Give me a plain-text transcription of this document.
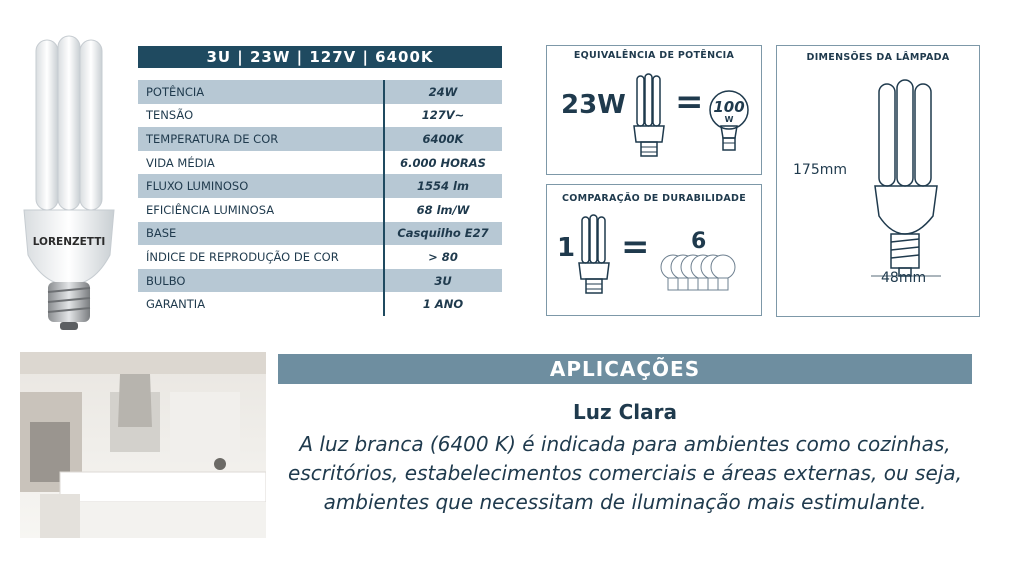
LORENZETTI
3U | 23W | 127V | 6400K
POTÊNCIA	24W
TENSÃO	127V~
TEMPERATURA DE COR	6400K
VIDA MÉDIA	6.000 HORAS
FLUXO LUMINOSO	1554 lm
EFICIÊNCIA LUMINOSA	68 lm/W
BASE	Casquilho E27
ÍNDICE DE REPRODUÇÃO DE COR	> 80
BULBO	3U
GARANTIA	1 ANO
EQUIVALÊNCIA DE POTÊNCIA
23W = 100
W
COMPARAÇÃO DE DURABILIDADE
1 = 6
DIMENSÕES DA LÂMPADA
175mm
48mm
APLICAÇÕES
Luz Clara
A luz branca (6400 K) é indicada para ambientes como cozinhas,
escritórios, estabelecimentos comerciais e áreas externas, ou seja,
ambientes que necessitam de iluminação mais estimulante.
